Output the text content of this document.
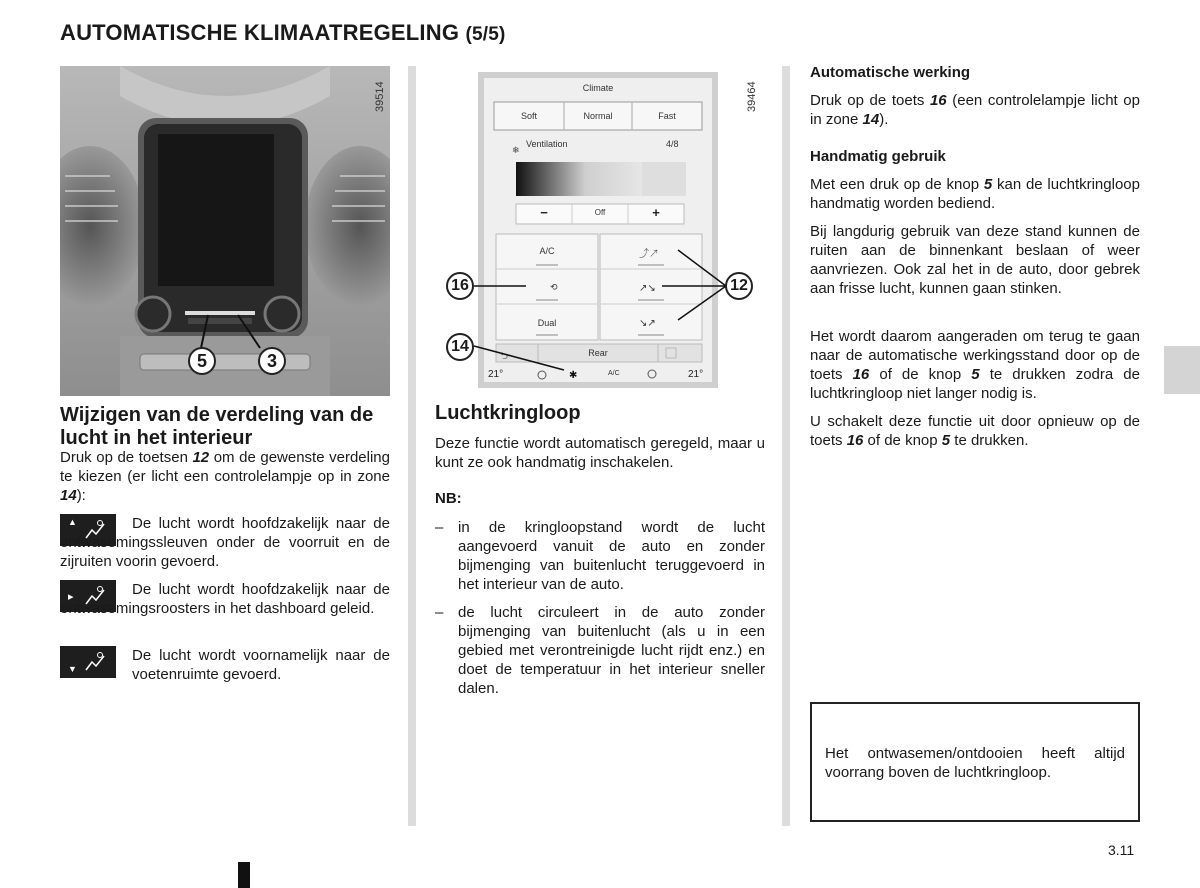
AUTOMATISCHE KLIMAATREGELING (5/5)
39514
5	3	⮌
✱
❄
⤴↗
↗↘
↘↗
⟲
Climate
Soft	Normal	Fast
Ventilation	4/8
−	Off	+
A/C
Dual
Rear
21°	21°
A/C
39464
16	12
14
Wijzigen van de verdeling van de lucht in het interieur
Druk op de toetsen 12 om de gewenste verdeling te kiezen (er licht een controlelampje op in zone 14):
▲	De lucht wordt hoofdzakelijk naar de ontwasemingssleuven onder de voorruit en de zijruiten voorin gevoerd.
▸	De lucht wordt hoofdzakelijk naar de ontwasemingsroosters in het dashboard geleid.
▼
De lucht wordt voornamelijk naar de voetenruimte gevoerd.
Luchtkringloop
Deze functie wordt automatisch geregeld, maar u kunt ze ook handmatig inschakelen.
NB:
– in de kringloopstand wordt de lucht aangevoerd vanuit de auto en zonder bijmenging van buitenlucht teruggevoerd in het interieur van de auto.
– de lucht circuleert in de auto zonder bijmenging van buitenlucht (als u in een gebied met verontreinigde lucht rijdt enz.) en doet de temperatuur in het interieur sneller dalen.
Automatische werking
Druk op de toets 16 (een controlelampje licht op in zone 14).
Handmatig gebruik
Met een druk op de knop 5 kan de luchtkringloop handmatig worden bediend.
Bij langdurig gebruik van deze stand kunnen de ruiten aan de binnenkant beslaan of weer aanvriezen. Ook zal het in de auto, door gebrek aan frisse lucht, kunnen gaan stinken.
Het wordt daarom aangeraden om terug te gaan naar de automatische werkingsstand door op de toets 16 of de knop 5 te drukken zodra de luchtkringloop niet langer nodig is.
U schakelt deze functie uit door opnieuw op de toets 16 of de knop 5 te drukken.
Het ontwasemen/ontdooien heeft altijd voorrang boven de luchtkringloop.
3.11
